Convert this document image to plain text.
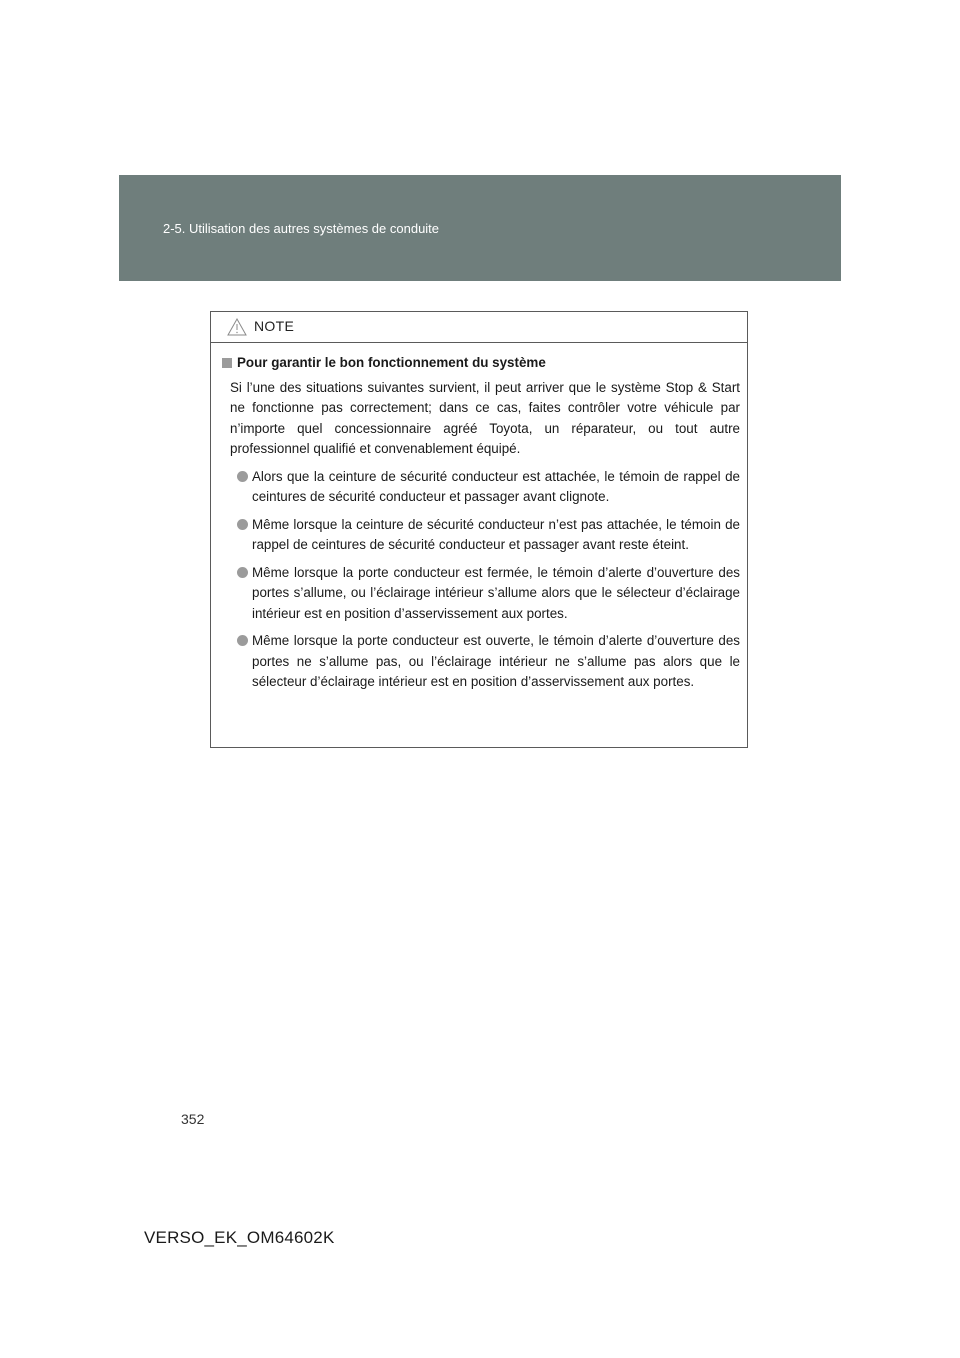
2-5. Utilisation des autres systèmes de conduite
NOTE
Pour garantir le bon fonctionnement du système

Si l’une des situations suivantes survient, il peut arriver que le système Stop & Start ne fonctionne pas correctement; dans ce cas, faites contrôler votre véhicule par n’importe quel concessionnaire agréé Toyota, un réparateur, ou tout autre professionnel qualifié et convenablement équipé.

Alors que la ceinture de sécurité conducteur est attachée, le témoin de rappel de ceintures de sécurité conducteur et passager avant clignote.
Même lorsque la ceinture de sécurité conducteur n’est pas attachée, le témoin de rappel de ceintures de sécurité conducteur et passager avant reste éteint.
Même lorsque la porte conducteur est fermée, le témoin d’alerte d’ouverture des portes s’allume, ou l’éclairage intérieur s’allume alors que le sélecteur d’éclairage intérieur est en position d’asservissement aux portes.
Même lorsque la porte conducteur est ouverte, le témoin d’alerte d’ouverture des portes ne s’allume pas, ou l’éclairage intérieur ne s’allume pas alors que le sélecteur d’éclairage intérieur est en position d’asservissement aux portes.
352
VERSO_EK_OM64602K
